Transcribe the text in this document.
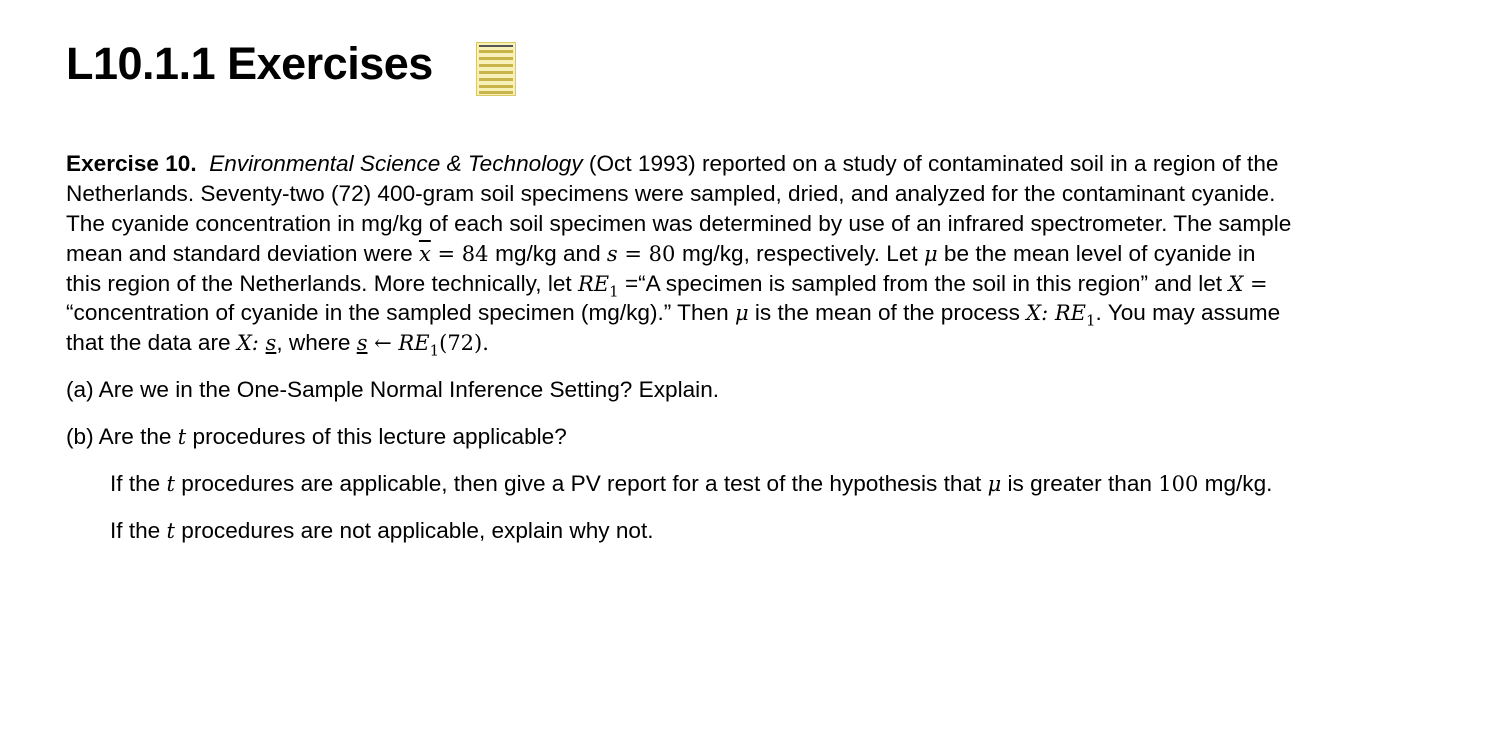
L10.1.1 Exercises
Exercise 10. Environmental Science & Technology (Oct 1993) reported on a study of contaminated soil in a region of the
Netherlands. Seventy-two (72) 400-gram soil specimens were sampled, dried, and analyzed for the contaminant cyanide.
The cyanide concentration in mg/kg of each soil specimen was determined by use of an infrared spectrometer. The sample
mean and standard deviation were $\overline{x} = 84$ mg/kg and s = 80 mg/kg, respectively. Let μ be the mean level of cyanide in
this region of the Netherlands. More technically, let $RE_1$ =“A specimen is sampled from the soil in this region” and let X =
“concentration of cyanide in the sampled specimen (mg/kg).” Then μ is the mean of the process X: $RE_1$. You may assume
that the data are X: s, where s ← $RE_1(72)$.
(a) Are we in the One-Sample Normal Inference Setting? Explain.
(b) Are the t procedures of this lecture applicable?
If the t procedures are applicable, then give a PV report for a test of the hypothesis that μ is greater than 100 mg/kg.
If the t procedures are not applicable, explain why not.
